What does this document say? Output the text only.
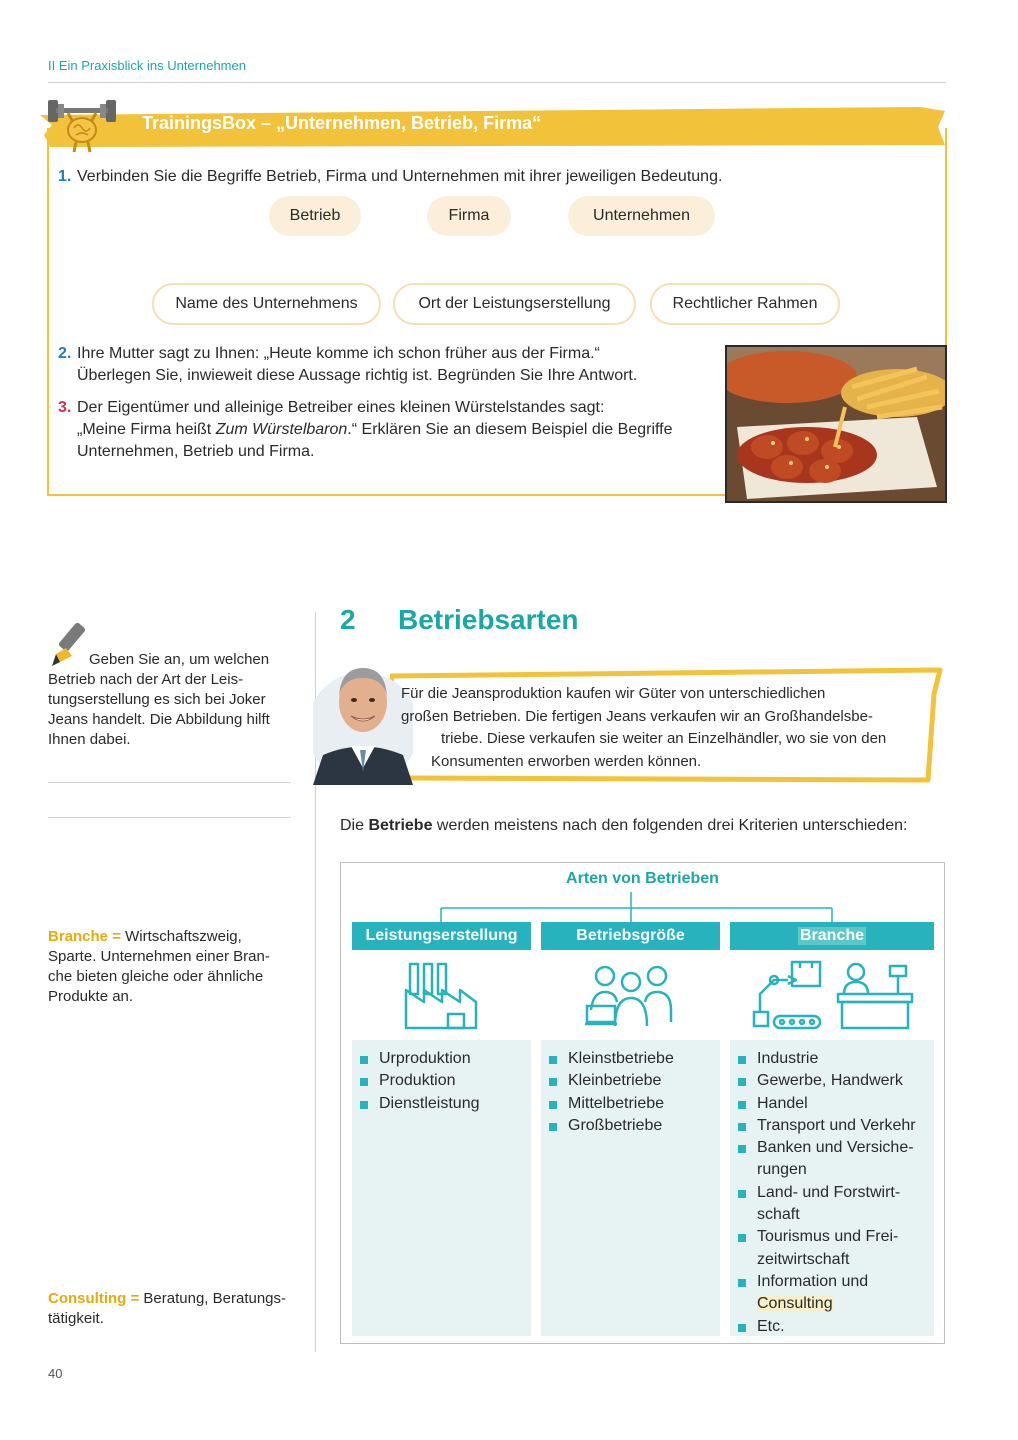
II Ein Praxisblick ins Unternehmen
TrainingsBox – „Unternehmen, Betrieb, Firma“
1. Verbinden Sie die Begriffe Betrieb, Firma und Unternehmen mit ihrer jeweiligen Bedeutung.
Betrieb	Firma	Unternehmen
Name des Unternehmens	Ort der Leistungserstellung	Rechtlicher Rahmen
2. Ihre Mutter sagt zu Ihnen: „Heute komme ich schon früher aus der Firma.“
Überlegen Sie, inwieweit diese Aussage richtig ist. Begründen Sie Ihre Antwort.
3. Der Eigentümer und alleinige Betreiber eines kleinen Würstelstandes sagt:
„Meine Firma heißt Zum Würstelbaron.“ Erklären Sie an diesem Beispiel die Begriffe
Unternehmen, Betrieb und Firma.
2 Betriebsarten
Geben Sie an, um welchen
Betrieb nach der Art der Leis-
tungserstellung es sich bei Joker
Jeans handelt. Die Abbildung hilft
Ihnen dabei.
Branche = Wirtschaftszweig,
Sparte. Unternehmen einer Bran-
che bieten gleiche oder ähnliche
Produkte an.
Consulting = Beratung, Beratungs-
tätigkeit.
Für die Jeansproduktion kaufen wir Güter von unterschiedlichen
großen Betrieben. Die fertigen Jeans verkaufen wir an Großhandelsbe-
triebe. Diese verkaufen sie weiter an Einzelhändler, wo sie von den
Konsumenten erworben werden können.
Die Betriebe werden meistens nach den folgenden drei Kriterien unterschieden:
Arten von Betrieben
Leistungserstellung	Betriebsgröße	Branche
Urproduktion
Produktion
Dienstleistung
Kleinstbetriebe
Kleinbetriebe
Mittelbetriebe
Großbetriebe
Industrie
Gewerbe, Handwerk
Handel
Transport und Verkehr
Banken und Versiche-
rungen
Land- und Forstwirt-
schaft
Tourismus und Frei-
zeitwirtschaft
Information und
Consulting
Etc.
40
